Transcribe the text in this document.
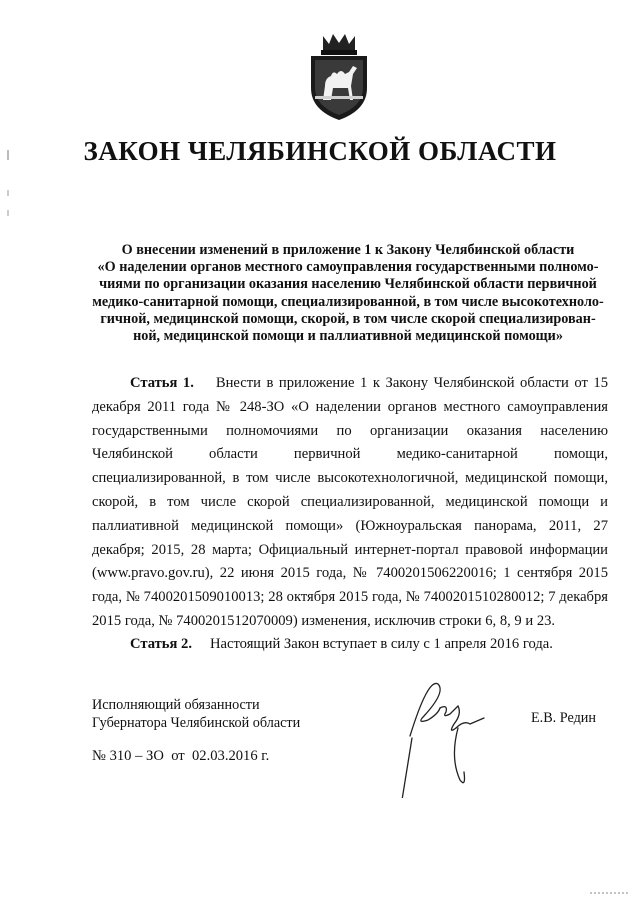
ЗАКОН ЧЕЛЯБИНСКОЙ ОБЛАСТИ
О внесении изменений в приложение 1 к Закону Челябинской области
«О наделении органов местного самоуправления государственными полномо-
чиями по организации оказания населению Челябинской области первичной
медико-санитарной помощи, специализированной, в том числе высокотехноло-
гичной, медицинской помощи, скорой, в том числе скорой специализирован-
ной, медицинской помощи и паллиативной медицинской помощи»
Статья 1. Внести в приложение 1 к Закону Челябинской области от 15 декабря 2011 года № 248-ЗО «О наделении органов местного самоуправления государственными полномочиями по организации оказания населению Челябинской области первичной медико-санитарной помощи, специализированной, в том числе высокотехнологичной, медицинской помощи, скорой, в том числе скорой специализированной, медицинской помощи и паллиативной медицинской помощи» (Южноуральская панорама, 2011, 27 декабря; 2015, 28 марта; Официальный интернет-портал правовой информации (www.pravo.gov.ru), 22 июня 2015 года, № 7400201506220016; 1 сентября 2015 года, № 7400201509010013; 28 октября 2015 года, № 7400201510280012; 7 декабря 2015 года, № 7400201512070009) изменения, исключив строки 6, 8, 9 и 23.
Статья 2. Настоящий Закон вступает в силу с 1 апреля 2016 года.
Исполняющий обязанности
Губернатора Челябинской области	Е.В. Редин
№ 310 – ЗО  от  02.03.2016 г.
